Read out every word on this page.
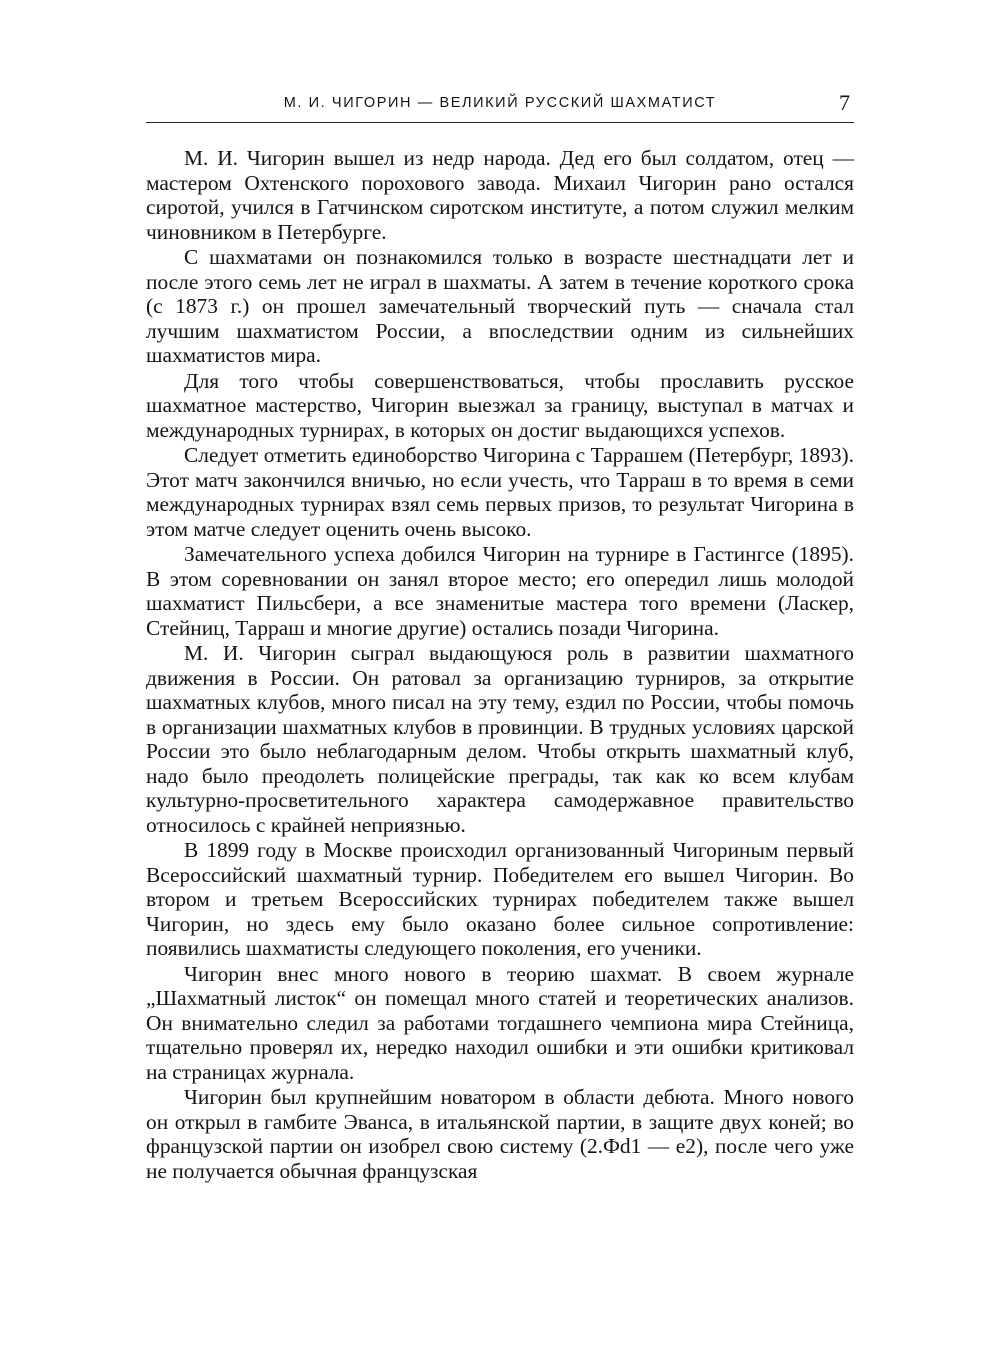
М. И. ЧИГОРИН — ВЕЛИКИЙ РУССКИЙ ШАХМАТИСТ	7

М. И. Чигорин вышел из недр народа. Дед его был солдатом, отец — мастером Охтенского порохового завода. Михаил Чигорин рано остался сиротой, учился в Гатчинском сиротском институте, а потом служил мелким чиновником в Петербурге.

С шахматами он познакомился только в возрасте шестнадцати лет и после этого семь лет не играл в шахматы. А затем в течение короткого срока (с 1873 г.) он прошел замечательный творческий путь — сначала стал лучшим шахматистом России, а впоследствии одним из сильнейших шахматистов мира.

Для того чтобы совершенствоваться, чтобы прославить русское шахматное мастерство, Чигорин выезжал за границу, выступал в матчах и международных турнирах, в которых он достиг выдающихся успехов.

Следует отметить единоборство Чигорина с Таррашем (Петербург, 1893). Этот матч закончился вничью, но если учесть, что Тарраш в то время в семи международных турнирах взял семь первых призов, то результат Чигорина в этом матче следует оценить очень высоко.

Замечательного успеха добился Чигорин на турнире в Гастингсе (1895). В этом соревновании он занял второе место; его опередил лишь молодой шахматист Пильсбери, а все знаменитые мастера того времени (Ласкер, Стейниц, Тарраш и многие другие) остались позади Чигорина.

М. И. Чигорин сыграл выдающуюся роль в развитии шахматного движения в России. Он ратовал за организацию турниров, за открытие шахматных клубов, много писал на эту тему, ездил по России, чтобы помочь в организации шахматных клубов в провинции. В трудных условиях царской России это было неблагодарным делом. Чтобы открыть шахматный клуб, надо было преодолеть полицейские преграды, так как ко всем клубам культурно-просветительного характера самодержавное правительство относилось с крайней неприязнью.

В 1899 году в Москве происходил организованный Чигориным первый Всероссийский шахматный турнир. Победителем его вышел Чигорин. Во втором и третьем Всероссийских турнирах победителем также вышел Чигорин, но здесь ему было оказано более сильное сопротивление: появились шахматисты следующего поколения, его ученики.

Чигорин внес много нового в теорию шахмат. В своем журнале „Шахматный листок“ он помещал много статей и теоретических анализов. Он внимательно следил за работами тогдашнего чемпиона мира Стейница, тщательно проверял их, нередко находил ошибки и эти ошибки критиковал на страницах журнала.

Чигорин был крупнейшим новатором в области дебюта. Много нового он открыл в гамбите Эванса, в итальянской партии, в защите двух коней; во французской партии он изобрел свою систему (2.Фd1 — е2), после чего уже не получается обычная французская
